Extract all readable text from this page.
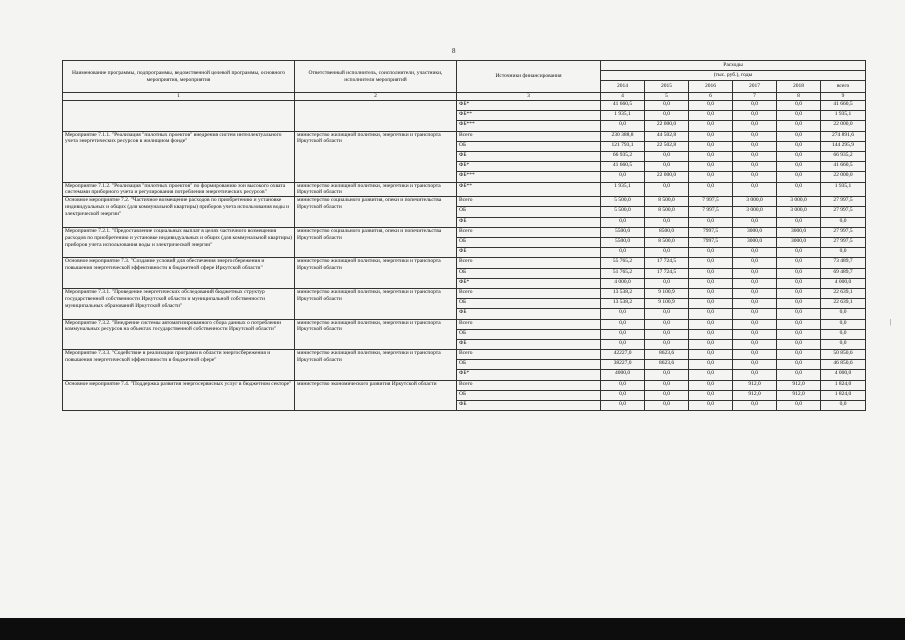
8
|
Наименование программы, подпрограммы, ведомственной целевой программы, основного мероприятия, мероприятия	Ответственный исполнитель, соисполнители, участники, исполнители мероприятий	Источники финансирования	Расходы					
			(тыс. руб.), годы					
			2014	2015	2016	2017	2018	всего
1	2	3	4	5	6	7	8	9
		ФБ*	41 660,5	0,0	0,0	0,0	0,0	41 660,5
		ФБ**	1 935,1	0,0	0,0	0,0	0,0	1 935,1
		ФБ***	0,0	22 000,0	0,0	0,0	0,0	22 000,0
Мероприятие 7.1.1. "Реализация "пилотных проектов" внедрения систем интеллектуального учета энергетических ресурсов в жилищном фонде"	министерство жилищной политики, энергетики и транспорта Иркутской области	Всего	230 388,8	44 502,8	0,0	0,0	0,0	274 891,6
		ОБ	121 793,1	22 502,8	0,0	0,0	0,0	144 295,9
		ФБ	66 935,2	0,0	0,0	0,0	0,0	66 935,2
		ФБ*	41 660,5	0,0	0,0	0,0	0,0	41 660,5
		ФБ***	0,0	22 000,0	0,0	0,0	0,0	22 000,0
Мероприятие 7.1.2. "Реализация "пилотных проектов" по формированию зон высокого охвата системами приборного учета и регулирования потребления энергетических ресурсов"	министерство жилищной политики, энергетики и транспорта Иркутской области	ФБ**	1 935,1	0,0	0,0	0,0	0,0	1 935,1
Основное мероприятие 7.2. "Частичное возмещение расходов по приобретению и установке индивидуальных и общих (для коммунальной квартиры) приборов учета использования воды и электрической энергии"	министерство социального развития, опеки и попечительства Иркутской области	Всего	5 500,0	8 500,0	7 997,5	3 000,0	3 000,0	27 997,5
		ОБ	5 500,0	8 500,0	7 997,5	3 000,0	3 000,0	27 997,5
		ФБ	0,0	0,0	0,0	0,0	0,0	0,0
Мероприятие 7.2.1. "Предоставление социальных выплат в целях частичного возмещения расходов по приобретению и установке индивидуальных и общих (для коммунальной квартиры) приборов учета использования воды и электрической энергии"	министерство социального развития, опеки и попечительства Иркутской области	Всего	5500,0	8500,0	7997,5	3000,0	3000,0	27 997,5
		ОБ	5500,0	8 500,0	7997,5	3000,0	3000,0	27 997,5
		ФБ	0,0	0,0	0,0	0,0	0,0	0,0
Основное мероприятие 7.3. "Создание условий для обеспечения энергосбережения и повышения энергетической эффективности в бюджетной сфере Иркутской области"	министерство жилищной политики, энергетики и транспорта Иркутской области	Всего	55 765,2	17 724,5	0,0	0,0	0,0	73 489,7
		ОБ	51 765,2	17 724,5	0,0	0,0	0,0	69 489,7
		ФБ*	4 000,0	0,0	0,0	0,0	0,0	4 000,0
Мероприятие 7.3.1. "Проведение энергетических обследований бюджетных структур государственной собственности Иркутской области и муниципальной собственности муниципальных образований Иркутской области"	министерство жилищной политики, энергетики и транспорта Иркутской области	Всего	13 538,2	9 100,9	0,0	0,0	0,0	22 639,1
		ОБ	13 538,2	9 100,9	0,0	0,0	0,0	22 639,1
		ФБ	0,0	0,0	0,0	0,0	0,0	0,0
Мероприятие 7.3.2. "Внедрение системы автоматизированного сбора данных о потреблении коммунальных ресурсов на объектах государственной собственности Иркутской области"	министерство жилищной политики, энергетики и транспорта Иркутской области	Всего	0,0	0,0	0,0	0,0	0,0	0,0
		ОБ	0,0	0,0	0,0	0,0	0,0	0,0
		ФБ	0,0	0,0	0,0	0,0	0,0	0,0
Мероприятие 7.3.3. "Содействие в реализации программ в области энергосбережения и повышения энергетической эффективности в бюджетной сфере"	министерство жилищной политики, энергетики и транспорта Иркутской области	Всего	42227,0	8623,6	0,0	0,0	0,0	50 850,6
		ОБ	38227,0	8623,6	0,0	0,0	0,0	46 850,6
		ФБ*	4000,0	0,0	0,0	0,0	0,0	4 000,0
Основное мероприятие 7.4. "Поддержка развития энергосервисных услуг в бюджетном секторе"	министерство экономического развития Иркутской области	Всего	0,0	0,0	0,0	912,0	912,0	1 824,0
		ОБ	0,0	0,0	0,0	912,0	912,0	1 824,0
		ФБ	0,0	0,0	0,0	0,0	0,0	0,0
